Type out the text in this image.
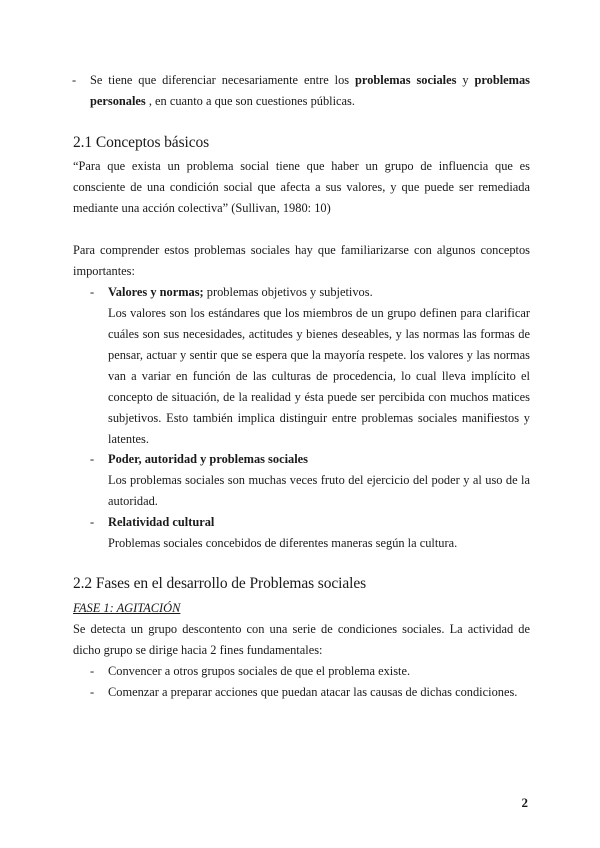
- Se tiene que diferenciar necesariamente entre los problemas sociales y problemas personales , en cuanto a que son cuestiones públicas.

2.1 Conceptos básicos

“Para que exista un problema social tiene que haber un grupo de influencia que es consciente de una condición social que afecta a sus valores, y que puede ser remediada mediante una acción colectiva” (Sullivan, 1980: 10)

Para comprender estos problemas sociales hay que familiarizarse con algunos conceptos importantes:

- Valores y normas; problemas objetivos y subjetivos.

Los valores son los estándares que los miembros de un grupo definen para clarificar cuáles son sus necesidades, actitudes y bienes deseables, y las normas las formas de pensar, actuar y sentir que se espera que la mayoría respete. los valores y las normas van a variar en función de las culturas de procedencia, lo cual lleva implícito el concepto de situación, de la realidad y ésta puede ser percibida con muchos matices subjetivos. Esto también implica distinguir entre problemas sociales manifiestos y latentes.

- Poder, autoridad y problemas sociales

Los problemas sociales son muchas veces fruto del ejercicio del poder y al uso de la autoridad.

- Relatividad cultural

Problemas sociales concebidos de diferentes maneras según la cultura.

2.2 Fases en el desarrollo de Problemas sociales

FASE 1: AGITACIÓN

Se detecta un grupo descontento con una serie de condiciones sociales. La actividad de dicho grupo se dirige hacia 2 fines fundamentales:

- Convencer a otros grupos sociales de que el problema existe.

- Comenzar a preparar acciones que puedan atacar las causas de dichas condiciones.

2
